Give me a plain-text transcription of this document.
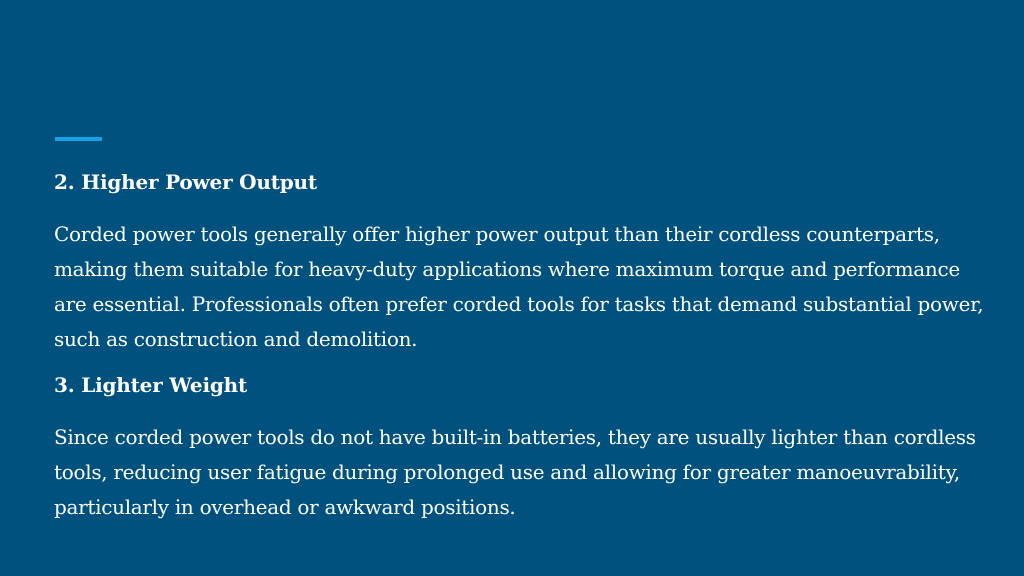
2. Higher Power Output

Corded power tools generally offer higher power output than their cordless counterparts, making them suitable for heavy-duty applications where maximum torque and performance are essential. Professionals often prefer corded tools for tasks that demand substantial power, such as construction and demolition.

3. Lighter Weight

Since corded power tools do not have built-in batteries, they are usually lighter than cordless tools, reducing user fatigue during prolonged use and allowing for greater manoeuvrability, particularly in overhead or awkward positions.
